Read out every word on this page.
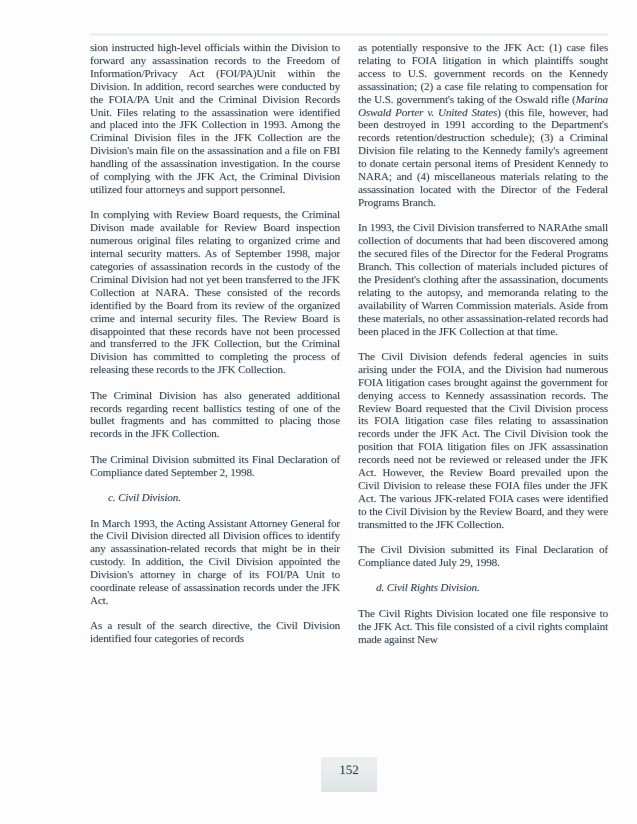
sion instructed high-level officials within the Division to forward any assassination records to the Freedom of Information/Privacy Act (FOI/PA)Unit within the Division. In addition, record searches were conducted by the FOIA/PA Unit and the Criminal Division Records Unit. Files relating to the assassination were identified and placed into the JFK Collection in 1993. Among the Criminal Division files in the JFK Collection are the Division's main file on the assassination and a file on FBI handling of the assassination investigation. In the course of complying with the JFK Act, the Criminal Division utilized four attorneys and support personnel.

In complying with Review Board requests, the Criminal Divison made available for Review Board inspection numerous original files relating to organized crime and internal security matters. As of September 1998, major categories of assassination records in the custody of the Criminal Division had not yet been transferred to the JFK Collection at NARA. These consisted of the records identified by the Board from its review of the organized crime and internal security files. The Review Board is disappointed that these records have not been processed and transferred to the JFK Collection, but the Criminal Division has committed to completing the process of releasing these records to the JFK Collection.

The Criminal Division has also generated additional records regarding recent ballistics testing of one of the bullet fragments and has committed to placing those records in the JFK Collection.

The Criminal Division submitted its Final Declaration of Compliance dated September 2, 1998.

c. Civil Division.

In March 1993, the Acting Assistant Attorney General for the Civil Division directed all Division offices to identify any assassination-related records that might be in their custody. In addition, the Civil Division appointed the Division's attorney in charge of its FOI/PA Unit to coordinate release of assassination records under the JFK Act.

As a result of the search directive, the Civil Division identified four categories of records

as potentially responsive to the JFK Act: (1) case files relating to FOIA litigation in which plaintiffs sought access to U.S. government records on the Kennedy assassination; (2) a case file relating to compensation for the U.S. government's taking of the Oswald rifle (Marina Oswald Porter v. United States) (this file, however, had been destroyed in 1991 according to the Department's records retention/destruction schedule); (3) a Criminal Division file relating to the Kennedy family's agreement to donate certain personal items of President Kennedy to NARA; and (4) miscellaneous materials relating to the assassination located with the Director of the Federal Programs Branch.

In 1993, the Civil Division transferred to NARAthe small collection of documents that had been discovered among the secured files of the Director for the Federal Programs Branch. This collection of materials included pictures of the President's clothing after the assassination, documents relating to the autopsy, and memoranda relating to the availability of Warren Commission materials. Aside from these materials, no other assassination-related records had been placed in the JFK Collection at that time.

The Civil Division defends federal agencies in suits arising under the FOIA, and the Division had numerous FOIA litigation cases brought against the government for denying access to Kennedy assassination records. The Review Board requested that the Civil Division process its FOIA litigation case files relating to assassination records under the JFK Act. The Civil Division took the position that FOIA litigation files on JFK assassination records need not be reviewed or released under the JFK Act. However, the Review Board prevailed upon the Civil Division to release these FOIA files under the JFK Act. The various JFK-related FOIA cases were identified to the Civil Division by the Review Board, and they were transmitted to the JFK Collection.

The Civil Division submitted its Final Declaration of Compliance dated July 29, 1998.

d. Civil Rights Division.

The Civil Rights Division located one file responsive to the JFK Act. This file consisted of a civil rights complaint made against New

152
